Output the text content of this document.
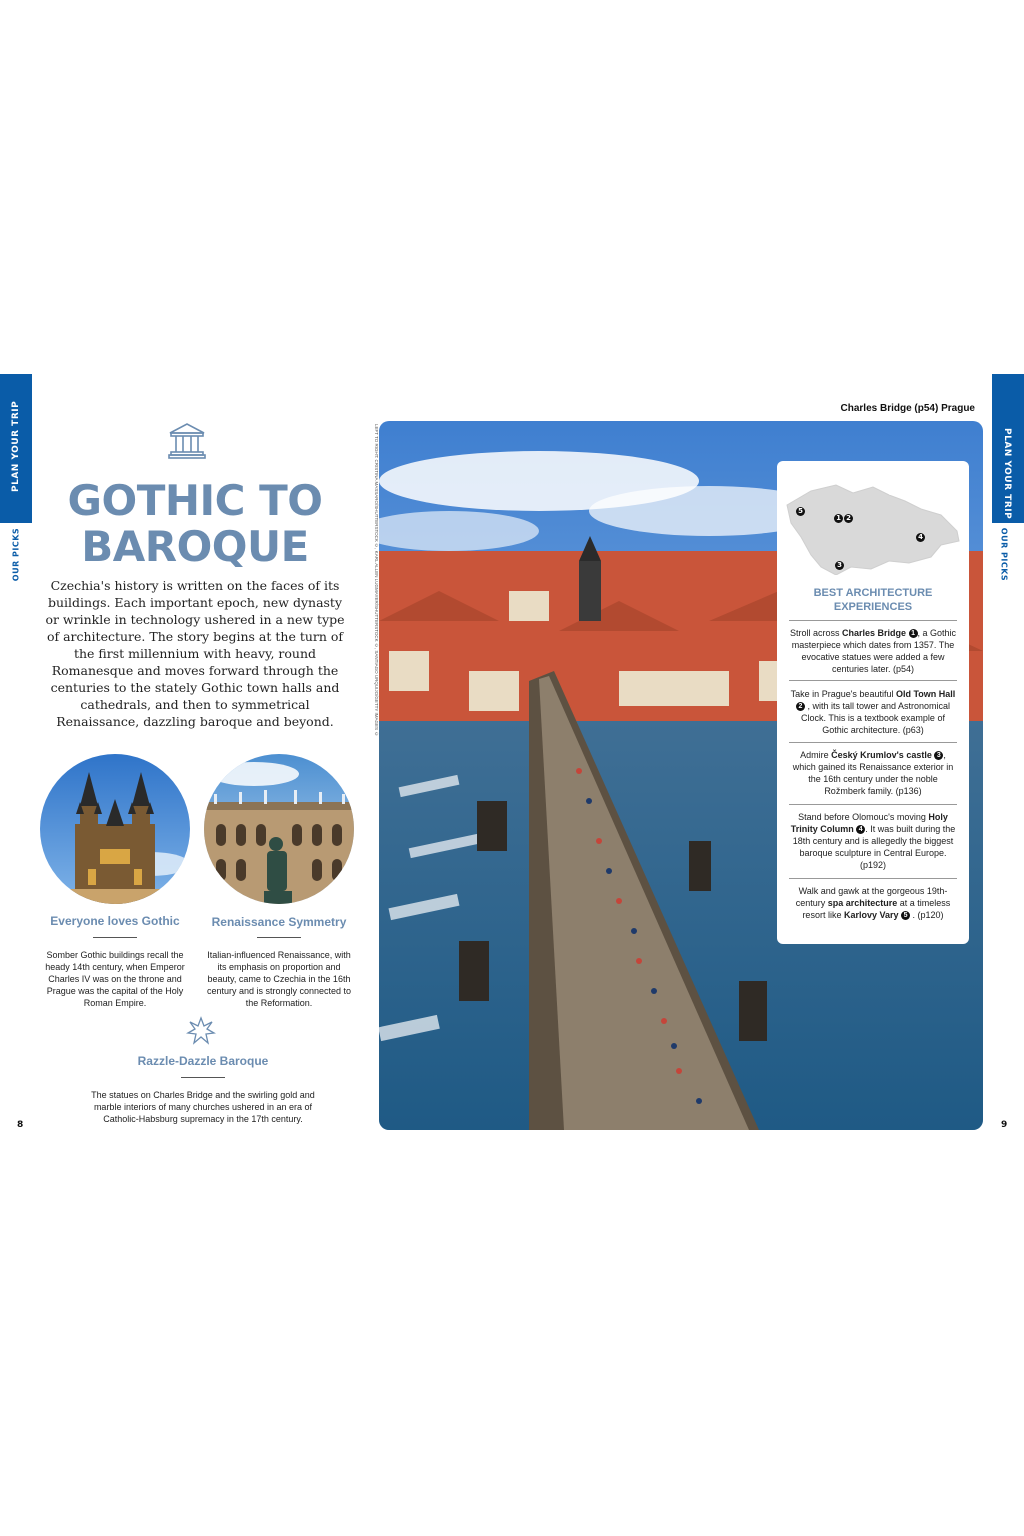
PLAN YOUR TRIP
OUR PICKS
PLAN YOUR TRIP
OUR PICKS
8	9
GOTHIC TO
BAROQUE
Czechia's history is written on the faces of its buildings. Each important epoch, new dynasty or wrinkle in technology ushered in a new type of architecture. The story begins at the turn of the first millennium with heavy, round Romanesque and moves forward through the centuries to the stately Gothic town halls and cathedrals, and then to symmetrical Renaissance, dazzling baroque and beyond.
Everyone loves Gothic
Somber Gothic buildings recall the heady 14th century, when Emperor Charles IV was on the throne and Prague was the capital of the Holy Roman Empire.
Renaissance Symmetry
Italian-influenced Renaissance, with its emphasis on proportion and beauty, came to Czechia in the 16th century and is strongly connected to the Reformation.
Razzle-Dazzle Baroque
The statues on Charles Bridge and the swirling gold and marble interiors of many churches ushered in an era of Catholic-Habsburg supremacy in the 17th century.
Charles Bridge (p54) Prague
LEFT TO RIGHT: CRISTINA MASSARO/SHUTTERSTOCK ©, KARL ALLEN LUGMAYER/SHUTTERSTOCK ©, SANTIAGO URQUIJO/GETTY IMAGES ©	5
1 2
4
3
BEST ARCHITECTURE EXPERIENCES
Stroll across Charles Bridge 1 , a Gothic masterpiece which dates from 1357. The evocative statues were added a few centuries later. (p54)
Take in Prague's beautiful Old Town Hall 2 , with its tall tower and Astronomical Clock. This is a textbook example of Gothic architecture. (p63)
Admire Český Krumlov's castle 3 , which gained its Renaissance exterior in the 16th century under the noble Rožmberk family. (p136)
Stand before Olomouc's moving Holy Trinity Column 4 . It was built during the 18th century and is allegedly the biggest baroque sculpture in Central Europe. (p192)
Walk and gawk at the gorgeous 19th-century spa architecture at a timeless resort like Karlovy Vary 5 . (p120)
